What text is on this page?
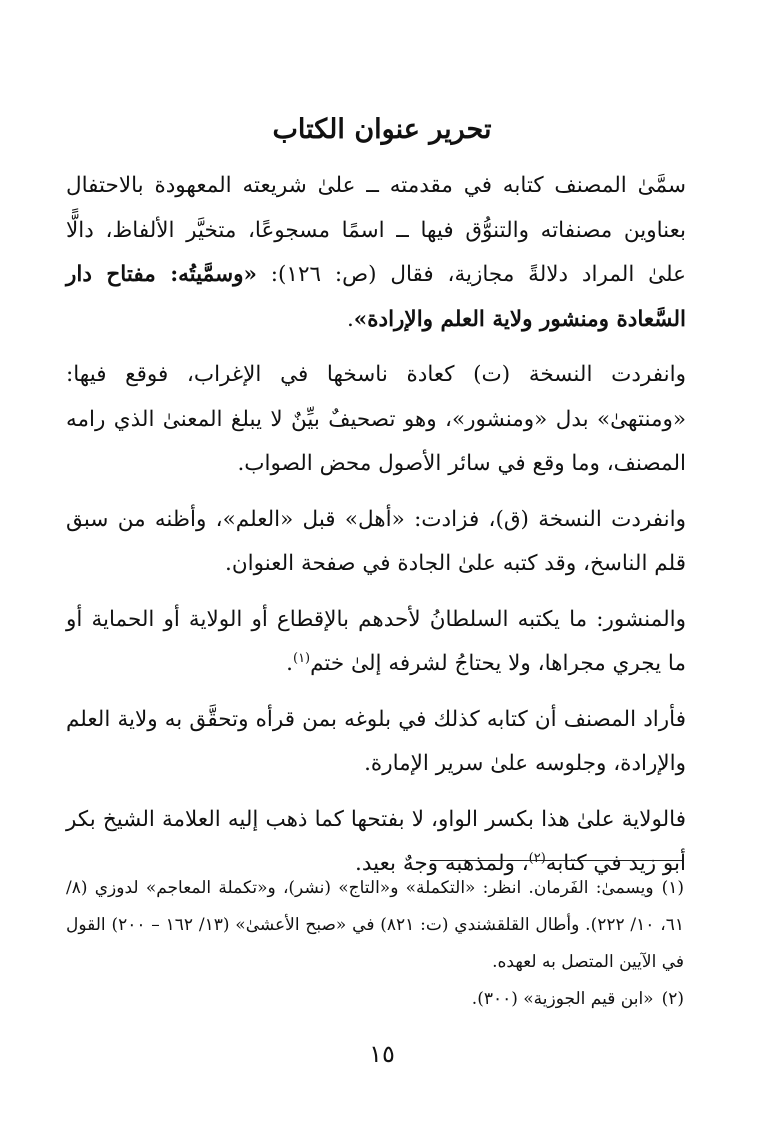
تحرير عنوان الكتاب

سمَّىٰ المصنف كتابه في مقدمته ــ علىٰ شريعته المعهودة بالاحتفال بعناوين مصنفاته والتنوُّق فيها ــ اسمًا مسجوعًا، متخيَّر الألفاظ، دالًّا علىٰ المراد دلالةً مجازية، فقال (ص: ١٢٦): «وسمَّيتُه: مفتاح دار السَّعادة ومنشور ولاية العلم والإرادة».

وانفردت النسخة (ت) كعادة ناسخها في الإغراب، فوقع فيها: «ومنتهىٰ» بدل «ومنشور»، وهو تصحيفٌ بيِّنٌ لا يبلغ المعنىٰ الذي رامه المصنف، وما وقع في سائر الأصول محض الصواب.

وانفردت النسخة (ق)، فزادت: «أهل» قبل «العلم»، وأظنه من سبق قلم الناسخ، وقد كتبه علىٰ الجادة في صفحة العنوان.

والمنشور: ما يكتبه السلطانُ لأحدهم بالإقطاع أو الولاية أو الحماية أو ما يجري مجراها، ولا يحتاجُ لشرفه إلىٰ ختم$^{(١)}$.

فأراد المصنف أن كتابه كذلك في بلوغه بمن قرأه وتحقَّق به ولاية العلم والإرادة، وجلوسه علىٰ سرير الإمارة.

فالولاية علىٰ هذا بكسر الواو، لا بفتحها كما ذهب إليه العلامة الشيخ بكر أبو زيد في كتابه$^{(٢)}$، ولمذهبه وجهٌ بعيد.

(١)ويسمىٰ: الفَرمان. انظر: «التكملة» و«التاج» (نشر)، و«تكملة المعاجم» لدوزي (٨/ ٦١، ١٠/ ٢٢٢). وأطال القلقشندي (ت: ٨٢١) في «صبح الأعشىٰ» (١٣/ ١٦٢ – ٢٠٠) القول في الآيين المتصل به لعهده.

(٢)«ابن قيم الجوزية» (٣٠٠).

١٥
